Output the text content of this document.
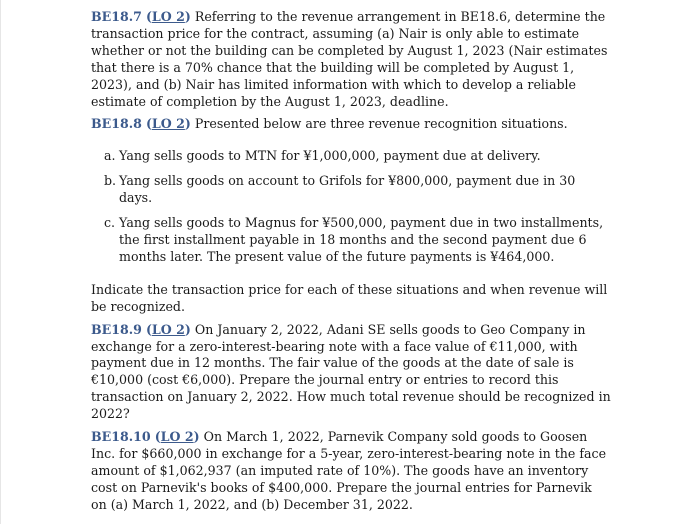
BE18.7 (LO 2) Referring to the revenue arrangement in BE18.6, determine the transaction price for the contract, assuming (a) Nair is only able to estimate whether or not the building can be completed by August 1, 2023 (Nair estimates that there is a 70% chance that the building will be completed by August 1, 2023), and (b) Nair has limited information with which to develop a reliable estimate of completion by the August 1, 2023, deadline.

BE18.8 (LO 2) Presented below are three revenue recognition situations.

a. Yang sells goods to MTN for ¥1,000,000, payment due at delivery.
b. Yang sells goods on account to Grifols for ¥800,000, payment due in 30 days.
c. Yang sells goods to Magnus for ¥500,000, payment due in two installments, the first installment payable in 18 months and the second payment due 6 months later. The present value of the future payments is ¥464,000.

Indicate the transaction price for each of these situations and when revenue will be recognized.

BE18.9 (LO 2) On January 2, 2022, Adani SE sells goods to Geo Company in exchange for a zero-interest-bearing note with a face value of €11,000, with payment due in 12 months. The fair value of the goods at the date of sale is €10,000 (cost €6,000). Prepare the journal entry or entries to record this transaction on January 2, 2022. How much total revenue should be recognized in 2022?

BE18.10 (LO 2) On March 1, 2022, Parnevik Company sold goods to Goosen Inc. for $660,000 in exchange for a 5-year, zero-interest-bearing note in the face amount of $1,062,937 (an imputed rate of 10%). The goods have an inventory cost on Parnevik's books of $400,000. Prepare the journal entries for Parnevik on (a) March 1, 2022, and (b) December 31, 2022.
